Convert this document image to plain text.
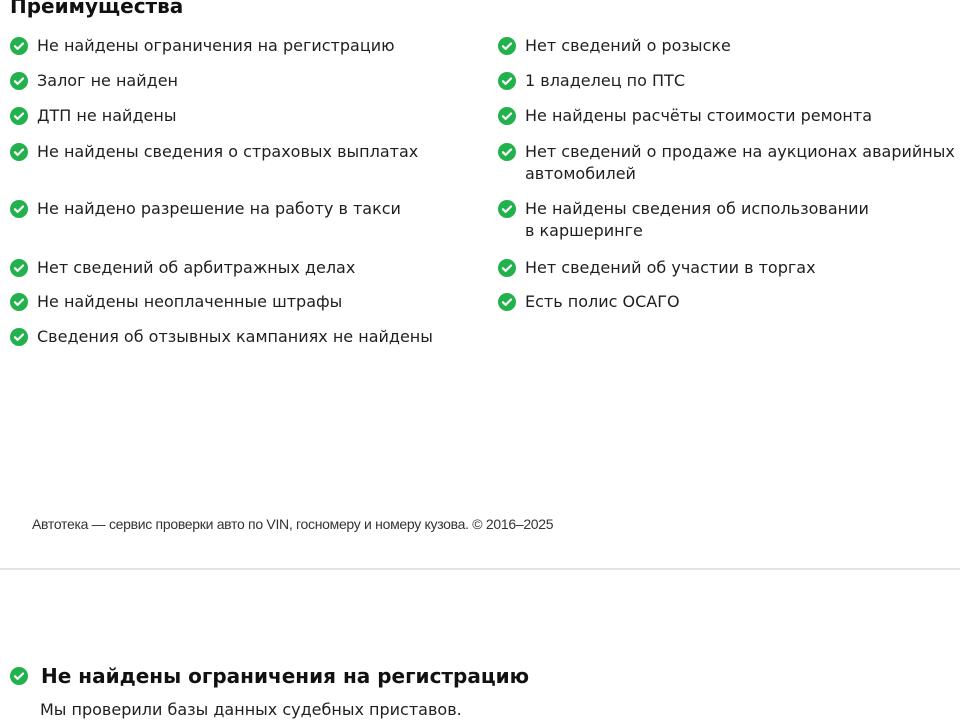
Преимущества
Не найдены ограничения на регистрацию
Залог не найден
ДТП не найдены
Не найдены сведения о страховых выплатах
Не найдено разрешение на работу в такси
Нет сведений об арбитражных делах
Не найдены неоплаченные штрафы
Сведения об отзывных кампаниях не найдены
Нет сведений о розыске
1 владелец по ПТС
Не найдены расчёты стоимости ремонта
Нет сведений о продаже на аукционах аварийных
автомобилей
Не найдены сведения об использовании
в каршеринге
Нет сведений об участии в торгах
Есть полис ОСАГО
Автотека — сервис проверки авто по VIN, госномеру и номеру кузова. © 2016–2025
Не найдены ограничения на регистрацию
Мы проверили базы данных судебных приставов.
